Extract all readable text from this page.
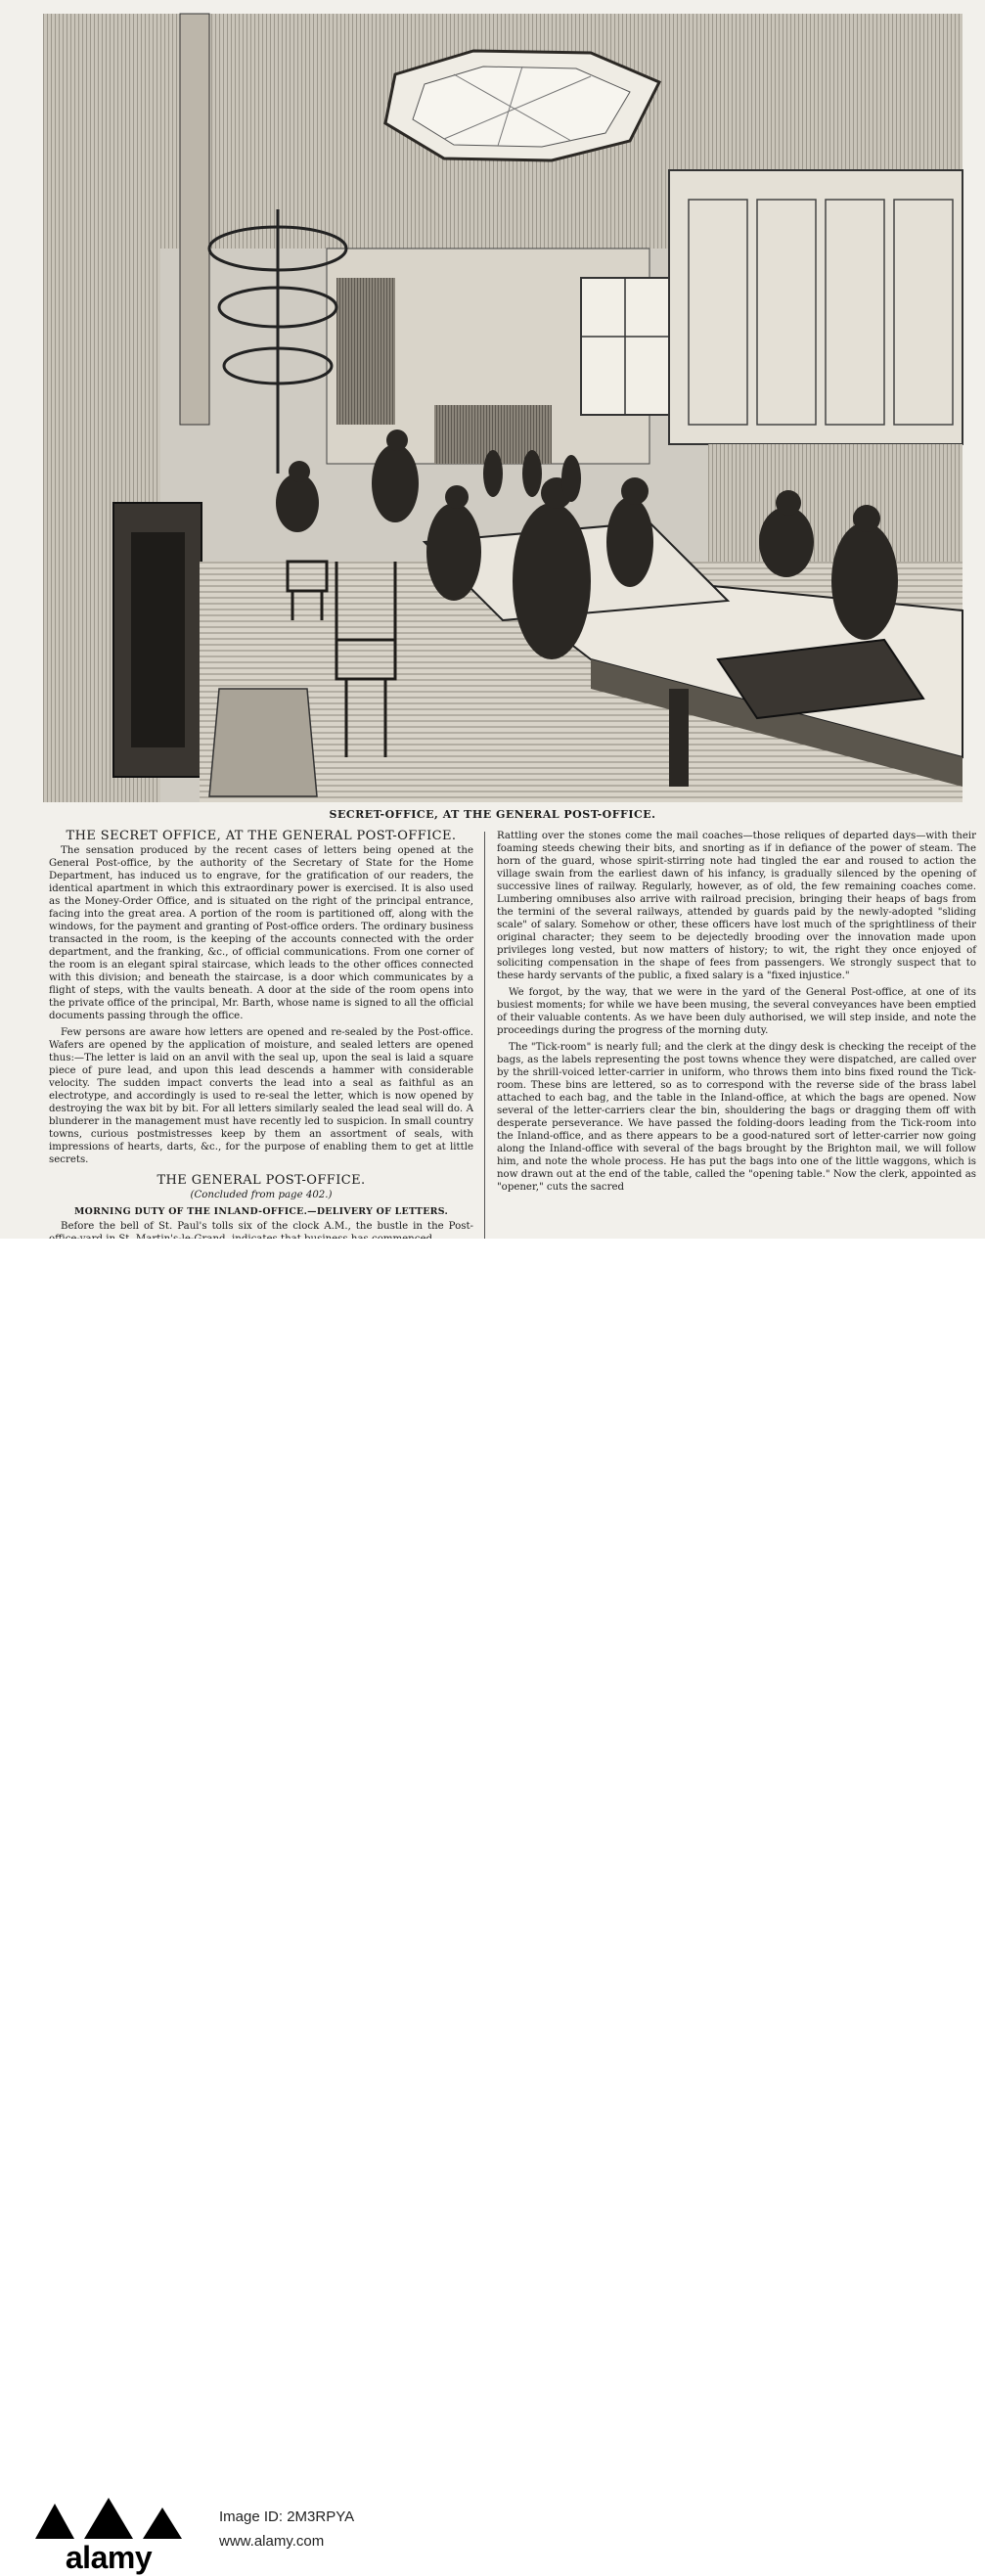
SECRET-OFFICE, AT THE GENERAL POST-OFFICE.
THE SECRET OFFICE, AT THE GENERAL POST-OFFICE.

The sensation produced by the recent cases of letters being opened at the General Post-office, by the authority of the Secretary of State for the Home Department, has induced us to engrave, for the gratification of our readers, the identical apartment in which this extraordinary power is exercised. It is also used as the Money-Order Office, and is situated on the right of the principal entrance, facing into the great area. A portion of the room is partitioned off, along with the windows, for the payment and granting of Post-office orders. The ordinary business transacted in the room, is the keeping of the accounts connected with the order department, and the franking, &c., of official communications. From one corner of the room is an elegant spiral staircase, which leads to the other offices connected with this division; and beneath the staircase, is a door which communicates by a flight of steps, with the vaults beneath. A door at the side of the room opens into the private office of the principal, Mr. Barth, whose name is signed to all the official documents passing through the office.

Few persons are aware how letters are opened and re-sealed by the Post-office. Wafers are opened by the application of moisture, and sealed letters are opened thus:—The letter is laid on an anvil with the seal up, upon the seal is laid a square piece of pure lead, and upon this lead descends a hammer with considerable velocity. The sudden impact converts the lead into a seal as faithful as an electrotype, and accordingly is used to re-seal the letter, which is now opened by destroying the wax bit by bit. For all letters similarly sealed the lead seal will do. A blunderer in the management must have recently led to suspicion. In small country towns, curious postmistresses keep by them an assortment of seals, with impressions of hearts, darts, &c., for the purpose of enabling them to get at little secrets.

THE GENERAL POST-OFFICE.
(Concluded from page 402.)
MORNING DUTY OF THE INLAND-OFFICE.—DELIVERY OF LETTERS.

Before the bell of St. Paul's tolls six of the clock A.M., the bustle in the Post-

Rattling over the stones come the mail coaches—those reliques of departed days—with their foaming steeds chewing their bits, and snorting as if in defiance of the power of steam. The horn of the guard, whose spirit-stirring note had tingled the ear and roused to action the village swain from the earliest dawn of his infancy, is gradually silenced by the opening of successive lines of railway. Regularly, however, as of old, the few remaining coaches come. Lumbering omnibuses also arrive with railroad precision, bringing their heaps of bags from the termini of the several railways, attended by guards paid by the newly-adopted "sliding scale" of salary. Somehow or other, these officers have lost much of the sprightliness of their original character; they seem to be dejectedly brooding over the innovation made upon privileges long vested, but now matters of history; to wit, the right they once enjoyed of soliciting compensation in the shape of fees from passengers. We strongly suspect that to these hardy servants of the public, a fixed salary is a "fixed injustice."

We forgot, by the way, that we were in the yard of the General Post-office, at one of its busiest moments; for while we have been musing, the several conveyances have been emptied of their valuable contents. As we have been duly authorised, we will step inside, and note the proceedings during the progress of the morning duty.

The "Tick-room" is nearly full; and the clerk at the dingy desk is checking the receipt of the bags, as the labels representing the post towns whence they were dispatched, are called over by the shrill-voiced letter-carrier in uniform, who throws them into bins fixed round the Tick-room. These bins are lettered, so as to correspond with the reverse side of the brass label attached to each bag, and the table in the Inland-office, at which the bags are opened. Now several of the letter-carriers clear the bin, shouldering the bags or dragging them off with desperate perseverance. We have passed the folding-doors leading from the Tick-room into the Inland-office, and as there appears to be a good-natured sort of letter-carrier now going along the Inland-office with several of the bags brought by the Brighton mail, we will follow him, and note the whole process. He has put the bags into one of the little waggons, which is now drawn out at the end of the table, called the "opening table." Now the clerk, appointed as "opener," cuts the sacred

alamy
Image ID: 2M3RPYA
www.alamy.com
